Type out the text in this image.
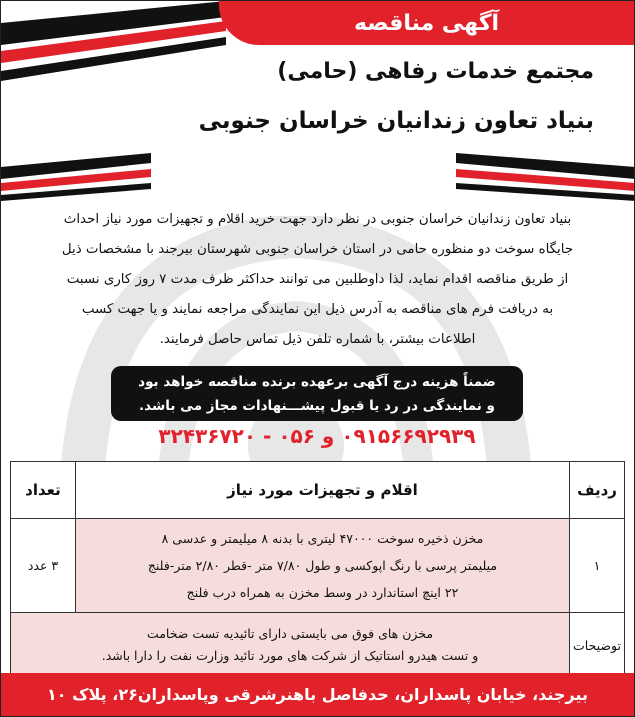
آگهی مناقصه
مجتمع خدمات رفاهی (حامی)
بنیاد تعاون زندانیان خراسان جنوبی
بنیاد تعاون زندانیان خراسان جنوبی در نظر دارد جهت خرید اقلام و تجهیزات مورد نیاز احداث
جایگاه سوخت دو منظوره حامی در استان خراسان جنوبی شهرستان بیرجند با مشخصات ذیل
از طریق مناقصه اقدام نماید، لذا داوطلبین می توانند حداکثر ظرف مدت ۷ روز کاری نسبت
به دریافت فرم های مناقصه به آدرس ذیل این نمایندگی مراجعه نمایند و یا جهت کسب
اطلاعات بیشتر، با شماره تلفن ذیل تماس حاصل فرمایند.
ضمناً هزینه درج آگهی برعهده برنده مناقصه خواهد بود
و نمایندگی در رد یا قبول پیشـــنهادات مجاز می باشد.
۰۹۱۵۶۶۹۲۹۳۹ و ۰۵۶ - ۳۲۴۳۶۷۲۰
ردیف	اقلام و تجهیزات مورد نیاز	تعداد
۱	مخزن ذخیره سوخت ۴۷۰۰۰ لیتری با بدنه ۸ میلیمتر و عدسی ۸
میلیمتر پرسی با رنگ اپوکسی و طول ۷/۸۰ متر -قطر ۲/۸۰ متر-فلنج
۲۲ اینچ استاندارد در وسط مخزن به همراه درب فلنج	۳ عدد
توضیحات	مخزن های فوق می بایستی دارای تائیدیه تست ضخامت
و تست هیدرو استاتیک از شرکت های مورد تائید وزارت نفت را دارا باشد.	
بیرجند، خیابان پاسداران، حدفاصل باهنرشرقی وپاسداران۲۶، پلاک ۱۰
